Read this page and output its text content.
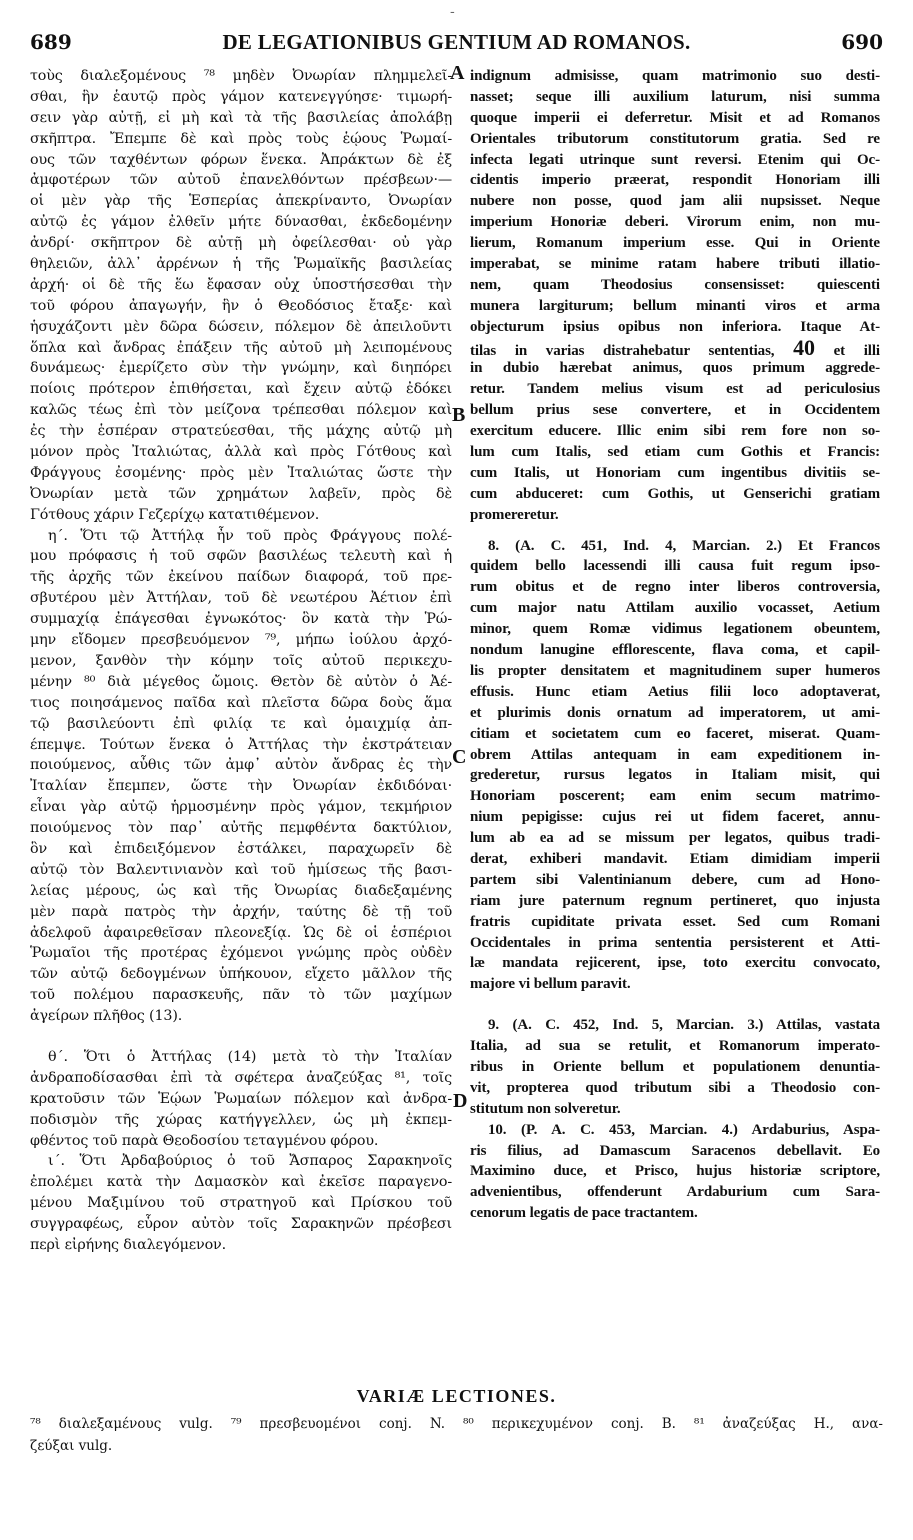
-
689	DE LEGATIONIBUS GENTIUM AD ROMANOS.	690
A
B
C
D
τοὺς διαλεξομένους ⁷⁸ μηδὲν Ὀνωρίαν πλημμελεῖ-
σθαι, ἣν ἑαυτῷ πρὸς γάμον κατενεγγύησε· τιμωρή-
σειν γὰρ αὐτῇ, εἰ μὴ καὶ τὰ τῆς βασιλείας ἀπολάβῃ
σκῆπτρα. Ἔπεμπε δὲ καὶ πρὸς τοὺς ἑῴους Ῥωμαί-
ους τῶν ταχθέντων φόρων ἕνεκα. Ἀπράκτων δὲ ἐξ
ἀμφοτέρων τῶν αὐτοῦ ἐπανελθόντων πρέσβεων·—
οἱ μὲν γὰρ τῆς Ἑσπερίας ἀπεκρίναντο, Ὀνωρίαν
αὐτῷ ἐς γάμον ἐλθεῖν μήτε δύνασθαι, ἐκδεδομένην
ἀνδρί· σκῆπτρον δὲ αὐτῇ μὴ ὀφείλεσθαι· οὐ γὰρ
θηλειῶν, ἀλλ᾽ ἀρρένων ἡ τῆς Ῥωμαϊκῆς βασιλείας
ἀρχή· οἱ δὲ τῆς ἕω ἔφασαν οὐχ ὑποστήσεσθαι τὴν
τοῦ φόρου ἀπαγωγήν, ἣν ὁ Θεοδόσιος ἔταξε· καὶ
ἡσυχάζοντι μὲν δῶρα δώσειν, πόλεμον δὲ ἀπειλοῦντι
ὅπλα καὶ ἄνδρας ἐπάξειν τῆς αὐτοῦ μὴ λειπομένους
δυνάμεως· ἐμερίζετο σὺν τὴν γνώμην, καὶ διηπόρει
ποίοις πρότερον ἐπιθήσεται, καὶ ἔχειν αὐτῷ ἐδόκει
καλῶς τέως ἐπὶ τὸν μείζονα τρέπεσθαι πόλεμον καὶ
ἐς τὴν ἑσπέραν στρατεύεσθαι, τῆς μάχης αὐτῷ μὴ
μόνον πρὸς Ἰταλιώτας, ἀλλὰ καὶ πρὸς Γότθους καὶ
Φράγγους ἐσομένης· πρὸς μὲν Ἰταλιώτας ὥστε τὴν
Ὀνωρίαν μετὰ τῶν χρημάτων λαβεῖν, πρὸς δὲ
Γότθους χάριν Γεζερίχῳ κατατιθέμενον.
η΄. Ὅτι τῷ Ἀττήλᾳ ἦν τοῦ πρὸς Φράγγους πολέ-
μου πρόφασις ἡ τοῦ σφῶν βασιλέως τελευτὴ καὶ ἡ
τῆς ἀρχῆς τῶν ἐκείνου παίδων διαφορά, τοῦ πρε-
σβυτέρου μὲν Ἀττήλαν, τοῦ δὲ νεωτέρου Ἀέτιον ἐπὶ
συμμαχίᾳ ἐπάγεσθαι ἐγνωκότος· ὃν κατὰ τὴν Ῥώ-
μην εἴδομεν πρεσβευόμενον ⁷⁹, μήπω ἰούλου ἀρχό-
μενον, ξανθὸν τὴν κόμην τοῖς αὐτοῦ περικεχυ-
μένην ⁸⁰ διὰ μέγεθος ὤμοις. Θετὸν δὲ αὐτὸν ὁ Ἀέ-
τιος ποιησάμενος παῖδα καὶ πλεῖστα δῶρα δοὺς ἅμα
τῷ βασιλεύοντι ἐπὶ φιλίᾳ τε καὶ ὁμαιχμίᾳ ἀπ-
έπεμψε. Τούτων ἕνεκα ὁ Ἀττήλας τὴν ἐκστράτειαν
ποιούμενος, αὖθις τῶν ἀμφ᾽ αὐτὸν ἄνδρας ἐς τὴν
Ἰταλίαν ἔπεμπεν, ὥστε τὴν Ὀνωρίαν ἐκδιδόναι·
εἶναι γὰρ αὐτῷ ἡρμοσμένην πρὸς γάμον, τεκμήριον
ποιούμενος τὸν παρ᾽ αὐτῆς πεμφθέντα δακτύλιον,
ὃν καὶ ἐπιδειξόμενον ἐστάλκει, παραχωρεῖν δὲ
αὐτῷ τὸν Βαλεντινιανὸν καὶ τοῦ ἡμίσεως τῆς βασι-
λείας μέρους, ὡς καὶ τῆς Ὀνωρίας διαδεξαμένης
μὲν παρὰ πατρὸς τὴν ἀρχήν, ταύτης δὲ τῇ τοῦ
ἀδελφοῦ ἀφαιρεθεῖσαν πλεονεξίᾳ. Ὡς δὲ οἱ ἑσπέριοι
Ῥωμαῖοι τῆς προτέρας ἐχόμενοι γνώμης πρὸς οὐδὲν
τῶν αὐτῷ δεδογμένων ὑπήκουον, εἴχετο μᾶλλον τῆς
τοῦ πολέμου παρασκευῆς, πᾶν τὸ τῶν μαχίμων
ἀγείρων πλῆθος (13).
θ΄. Ὅτι ὁ Ἀττήλας (14) μετὰ τὸ τὴν Ἰταλίαν
ἀνδραποδίσασθαι ἐπὶ τὰ σφέτερα ἀναζεύξας ⁸¹, τοῖς
κρατοῦσιν τῶν Ἑῴων Ῥωμαίων πόλεμον καὶ ἀνδρα-
ποδισμὸν τῆς χώρας κατήγγελλεν, ὡς μὴ ἐκπεμ-
φθέντος τοῦ παρὰ Θεοδοσίου τεταγμένου φόρου.
ι΄. Ὅτι Ἀρδαβούριος ὁ τοῦ Ἄσπαρος Σαρακηνοῖς
ἐπολέμει κατὰ τὴν Δαμασκὸν καὶ ἐκεῖσε παραγενο-
μένου Μαξιμίνου τοῦ στρατηγοῦ καὶ Πρίσκου τοῦ
συγγραφέως, εὗρον αὐτὸν τοῖς Σαρακηνῶν πρέσβεσι
περὶ εἰρήνης διαλεγόμενον.
indignum admisisse, quam matrimonio suo desti-
nasset; seque illi auxilium laturum, nisi summa
quoque imperii ei deferretur. Misit et ad Romanos
Orientales tributorum constitutorum gratia. Sed re
infecta legati utrinque sunt reversi. Etenim qui Oc-
cidentis imperio præerat, respondit Honoriam illi
nubere non posse, quod jam alii nupsisset. Neque
imperium Honoriæ deberi. Virorum enim, non mu-
lierum, Romanum imperium esse. Qui in Oriente
imperabat, se minime ratam habere tributi illatio-
nem, quam Theodosius consensisset: quiescenti
munera largiturum; bellum minanti viros et arma
objecturum ipsius opibus non inferiora. Itaque At-
tilas in varias distrahebatur sententias, 40 et illi
in dubio hærebat animus, quos primum aggrede-
retur. Tandem melius visum est ad periculosius
bellum prius sese convertere, et in Occidentem
exercitum educere. Illic enim sibi rem fore non so-
lum cum Italis, sed etiam cum Gothis et Francis:
cum Italis, ut Honoriam cum ingentibus divitiis se-
cum abduceret: cum Gothis, ut Genserichi gratiam
promereretur.
8. (A. C. 451, Ind. 4, Marcian. 2.) Et Francos
quidem bello lacessendi illi causa fuit regum ipso-
rum obitus et de regno inter liberos controversia,
cum major natu Attilam auxilio vocasset, Aetium
minor, quem Romæ vidimus legationem obeuntem,
nondum lanugine efflorescente, flava coma, et capil-
lis propter densitatem et magnitudinem super humeros
effusis. Hunc etiam Aetius filii loco adoptaverat,
et plurimis donis ornatum ad imperatorem, ut ami-
citiam et societatem cum eo faceret, miserat. Quam-
obrem Attilas antequam in eam expeditionem in-
grederetur, rursus legatos in Italiam misit, qui
Honoriam poscerent; eam enim secum matrimo-
nium pepigisse: cujus rei ut fidem faceret, annu-
lum ab ea ad se missum per legatos, quibus tradi-
derat, exhiberi mandavit. Etiam dimidiam imperii
partem sibi Valentinianum debere, cum ad Hono-
riam jure paternum regnum pertineret, quo injusta
fratris cupiditate privata esset. Sed cum Romani
Occidentales in prima sententia persisterent et Atti-
læ mandata rejicerent, ipse, toto exercitu convocato,
majore vi bellum paravit.
9. (A. C. 452, Ind. 5, Marcian. 3.) Attilas, vastata
Italia, ad sua se retulit, et Romanorum imperato-
ribus in Oriente bellum et populationem denuntia-
vit, propterea quod tributum sibi a Theodosio con-
stitutum non solveretur.
10. (P. A. C. 453, Marcian. 4.) Ardaburius, Aspa-
ris filius, ad Damascum Saracenos debellavit. Eo
Maximino duce, et Prisco, hujus historiæ scriptore,
advenientibus, offenderunt Ardaburium cum Sara-
cenorum legatis de pace tractantem.
VARIÆ LECTIONES.
⁷⁸ διαλεξαμένους vulg. ⁷⁹ πρεσβευομένοι conj. N. ⁸⁰ περικεχυμένον conj. B. ⁸¹ ἀναζεύξας H., ανα-
ζεύξαι vulg.
